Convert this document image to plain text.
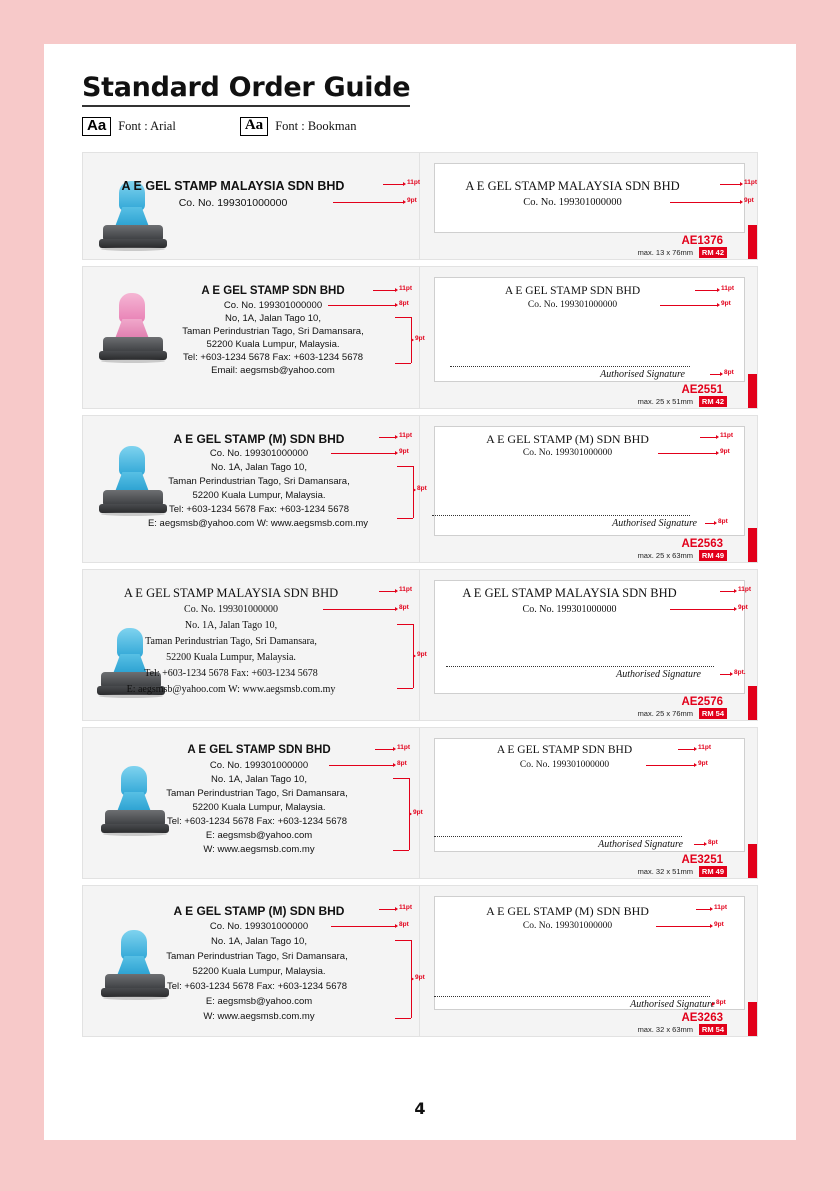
Standard Order Guide
Aa Font : Arial	Aa Font : Bookman
A E GEL STAMP MALAYSIA SDN BHD
Co. No. 199301000000
11pt
9pt
A E GEL STAMP MALAYSIA SDN BHD
Co. No. 199301000000
11pt
9pt
AE1376
max. 13 x 76mm	RM 42
A E GEL STAMP SDN BHD
Co. No. 199301000000
No, 1A, Jalan Tago 10,
Taman Perindustrian Tago, Sri Damansara,
52200 Kuala Lumpur, Malaysia.
Tel: +603-1234 5678 Fax: +603-1234 5678
Email: aegsmsb@yahoo.com
11pt
8pt
9pt
A E GEL STAMP SDN BHD
Co. No. 199301000000
11pt
9pt
Authorised Signature	8pt
AE2551
max. 25 x 51mm	RM 42
A E GEL STAMP (M) SDN BHD
Co. No. 199301000000
No. 1A, Jalan Tago 10,
Taman Perindustrian Tago, Sri Damansara,
52200 Kuala Lumpur, Malaysia.
Tel: +603-1234 5678 Fax: +603-1234 5678
E: aegsmsb@yahoo.com W: www.aegsmsb.com.my
11pt
9pt
8pt
A E GEL STAMP (M) SDN BHD
Co. No. 199301000000
11pt
9pt
Authorised Signature	8pt
AE2563
max. 25 x 63mm	RM 49
A E GEL STAMP MALAYSIA SDN BHD
Co. No. 199301000000
No. 1A, Jalan Tago 10,
Taman Perindustrian Tago, Sri Damansara,
52200 Kuala Lumpur, Malaysia.
Tel: +603-1234 5678 Fax: +603-1234 5678
E: aegsmsb@yahoo.com W: www.aegsmsb.com.my
11pt
8pt
9pt
A E GEL STAMP MALAYSIA SDN BHD
Co. No. 199301000000
11pt
9pt
Authorised Signature	8pt.
AE2576
max. 25 x 76mm	RM 54
A E GEL STAMP SDN BHD
Co. No. 199301000000
No. 1A, Jalan Tago 10,
Taman Perindustrian Tago, Sri Damansara,
52200 Kuala Lumpur, Malaysia.
Tel: +603-1234 5678 Fax: +603-1234 5678
E: aegsmsb@yahoo.com
W: www.aegsmsb.com.my
11pt
8pt
9pt
A E GEL STAMP SDN BHD
Co. No. 199301000000
11pt
9pt
Authorised Signature	8pt
AE3251
max. 32 x 51mm	RM 49
A E GEL STAMP (M) SDN BHD
Co. No. 199301000000
No. 1A, Jalan Tago 10,
Taman Perindustrian Tago, Sri Damansara,
52200 Kuala Lumpur, Malaysia.
Tel: +603-1234 5678 Fax: +603-1234 5678
E: aegsmsb@yahoo.com
W: www.aegsmsb.com.my
11pt
8pt
9pt
A E GEL STAMP (M) SDN BHD
Co. No. 199301000000
11pt
9pt
Authorised Signature 8pt
AE3263
max. 32 x 63mm	RM 54
4
